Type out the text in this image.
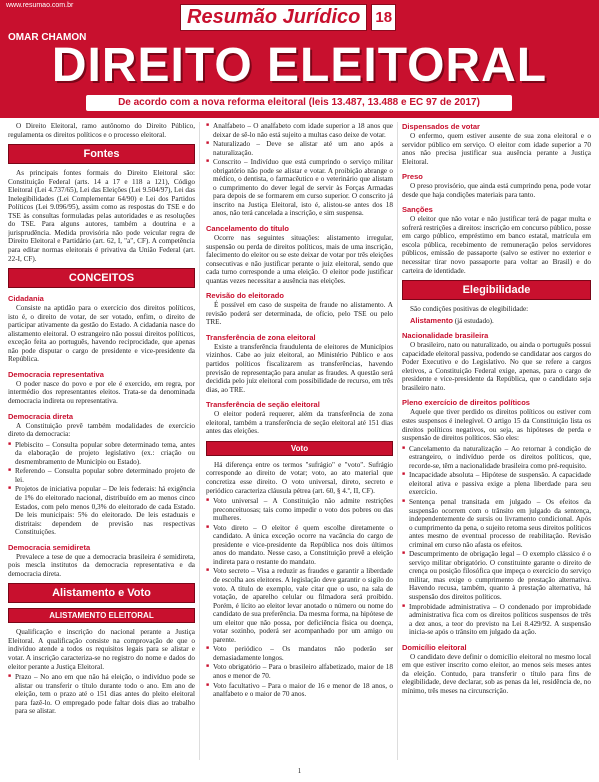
www.resumao.com.br	Resumão Jurídico	18
OMAR CHAMON
DIREITO ELEITORAL
De acordo com a nova reforma eleitoral (leis 13.487, 13.488 e EC 97 de 2017)

O Direito Eleitoral, ramo autônomo do Direito Público, regulamenta os direitos políticos e o processo eleitoral.

Fontes

As principais fontes formais do Direito Eleitoral são: Constituição Federal (arts. 14 a 17 e 118 a 121), Código Eleitoral (Lei 4.737/65), Lei das Eleições (Lei 9.504/97), Lei das Inelegibilidades (Lei Complementar 64/90) e Lei dos Partidos Políticos (Lei 9.096/95), assim como as respostas do TSE e do TSE às consultas formuladas pelas autoridades e as resoluções do TSE. Para alguns autores, também a doutrina e a jurisprudência. Medida provisória não pode veicular regra de Direito Eleitoral e Partidário (art. 62, I, "a", CF). A competência para editar normas eleitorais é privativa da União Federal (art. 22-I, CF).

CONCEITOS
Cidadania

Consiste na aptidão para o exercício dos direitos políticos, isto é, o direito de votar, de ser votado, enfim, o direito de participar ativamente da gestão do Estado. A cidadania nasce do alistamento eleitoral. O estrangeiro não possui direitos políticos, exceção feita ao português, havendo reciprocidade, que apenas não pode disputar o cargo de presidente e vice-presidente da República.

Democracia representativa

O poder nasce do povo e por ele é exercido, em regra, por intermédio dos representantes eleitos. Trata-se da denominada democracia indireta ou representativa.

Democracia direta

A Constituição prevê também modalidades de exercício direto da democracia:

■ Plebiscito – Consulta popular sobre determinado tema, antes da elaboração de projeto legislativo (ex.: criação ou desmembramento de Município ou Estado).
■ Referendo – Consulta popular sobre determinado projeto de lei.
■ Projetos de iniciativa popular – De leis federais: há exigência de 1% do eleitorado nacional, distribuído em ao menos cinco Estados, com pelo menos 0,3% do eleitorado de cada Estado. De leis municipais: 5% do eleitorado. De leis estaduais e distritais: dependem de previsão nas respectivas Constituições.
Democracia semidireta

Prevalece a tese de que a democracia brasileira é semidireta, pois mescla institutos da democracia representativa e da democracia direta.

Alistamento e Voto
ALISTAMENTO ELEITORAL

Qualificação e inscrição do nacional perante a Justiça Eleitoral. A qualificação consiste na comprovação de que o indivíduo atende a todos os requisitos legais para se alistar e votar. A inscrição caracteriza-se no registro do nome e dados do eleitor perante a Justiça Eleitoral.

■ Prazo – No ano em que não há eleição, o indivíduo pode se alistar ou transferir o título durante todo o ano. Em ano de eleição, tem o prazo até o 151 dias antes do pleito eleitoral para fazê-lo. O empregado pode faltar dois dias ao trabalho para se alistar.
■ Analfabeto – O analfabeto com idade superior a 18 anos que deixar de sê-lo não está sujeito a multas caso deixe de votar.
■ Naturalizado – Deve se alistar até um ano após a naturalização.
■ Conscrito – Indivíduo que está cumprindo o serviço militar obrigatório não pode se alistar e votar. A proibição abrange o médico, o dentista, o farmacêutico e o veterinário que alistam o cumprimento do dever legal de servir às Forças Armadas para depois de se formarem em curso superior. O conscrito já inscrito na Justiça Eleitoral, isto é, alistou-se antes dos 18 anos, não terá cancelada a inscrição, e sim suspensa.
Cancelamento do título

Ocorre nas seguintes situações: alistamento irregular, suspensão ou perda de direitos políticos, mais de uma inscrição, falecimento do eleitor ou se este deixar de votar por três eleições consecutivas e não justificar perante o juiz eleitoral, sendo que cada turno corresponde a uma eleição. O eleitor pode justificar quantas vezes necessitar a ausência nas eleições.

Revisão do eleitorado

É possível em caso de suspeita de fraude no alistamento. A revisão poderá ser determinada, de ofício, pelo TSE ou pelo TRE.

Transferência de zona eleitoral

Existe a transferência fraudulenta de eleitores de Municípios vizinhos. Cabe ao juiz eleitoral, ao Ministério Público e aos partidos políticos fiscalizarem as transferências, havendo previsão de representação para anular as fraudes. A questão será decidida pelo juiz eleitoral com possibilidade de recurso, em três dias, ao TRE.

Transferência de seção eleitoral

O eleitor poderá requerer, além da transferência de zona eleitoral, também a transferência de seção eleitoral até 151 dias antes das eleições.

Voto

Há diferença entre os termos "sufrágio" e "voto". Sufrágio corresponde ao direito de votar; voto, ao ato material que concretiza esse direito. O voto universal, direto, secreto e periódico caracteriza cláusula pétrea (art. 60, § 4.º, II, CF).

■ Voto universal – A Constituição não admite restrições preconceituosas; tais como impedir o voto dos pobres ou das mulheres.
■ Voto direto – O eleitor é quem escolhe diretamente o candidato. A única exceção ocorre na vacância do cargo de presidente e vice-presidente da República nos dois últimos anos do mandato. Nesse caso, a Constituição prevê a eleição indireta para o restante do mandato.
■ Voto secreto – Visa a reduzir as fraudes e garantir a liberdade de escolha aos eleitores. A legislação deve garantir o sigilo do voto. A título de exemplo, vale citar que o uso, na sala de votação, de aparelho celular ou filmadora será proibido. Porém, é lícito ao eleitor levar anotado o número ou nome do candidato de sua preferência. Da mesma forma, na hipótese de um eleitor que não possa, por deficiência física ou doença, votar sozinho, poderá ser acompanhado por um amigo ou parente.
■ Voto periódico – Os mandatos não poderão ser demasiadamente longos.
■ Voto obrigatório – Para o brasileiro alfabetizado, maior de 18 anos e menor de 70.
■ Voto facultativo – Para o maior de 16 e menor de 18 anos, o analfabeto e o maior de 70 anos.
Dispensados de votar

O enfermo, quem estiver ausente de sua zona eleitoral e o servidor público em serviço. O eleitor com idade superior a 70 anos não precisa justificar sua ausência perante a Justiça Eleitoral.

Preso

O preso provisório, que ainda está cumprindo pena, pode votar desde que haja condições materiais para tanto.

Sanções

O eleitor que não votar e não justificar terá de pagar multa e sofrerá restrições a direitos: inscrição em concurso público, posse em cargo público, empréstimo em banco estatal, matrícula em escola pública, recebimento de remuneração pelos servidores públicos, emissão de passaporte (salvo se estiver no exterior e necessitar tirar novo passaporte para voltar ao Brasil) e do carteira de identidade.

Elegibilidade

São condições positivas de elegibilidade:

Alistamento (já estudado).

Nacionalidade brasileira

O brasileiro, nato ou naturalizado, ou ainda o português possui capacidade eleitoral passiva, podendo se candidatar aos cargos do Poder Executivo e do Legislativo. No que se refere a cargos eletivos, a Constituição Federal exige, apenas, para o cargo de presidente e vice-presidente da República, que o candidato seja brasileiro nato.

Pleno exercício de direitos políticos

Aquele que tiver perdido os direitos políticos ou estiver com estes suspensos é inelegível. O artigo 15 da Constituição lista os direitos políticos negativos, ou seja, as hipóteses de perda e suspensão de direitos políticos. São eles:

■ Cancelamento da naturalização – Ao retornar à condição de estrangeiro, o indivíduo perde os direitos políticos, que, recorde-se, têm a nacionalidade brasileira como pré-requisito.
■ Incapacidade absoluta – Hipótese de suspensão. A capacidade eleitoral ativa e passiva exige a plena liberdade para seu exercício.
■ Sentença penal transitada em julgado – Os efeitos da suspensão ocorrem com o trânsito em julgado da sentença, independentemente de sursis ou livramento condicional. Após o cumprimento da pena, o sujeito retoma seus direitos políticos antes mesmo de eventual processo de reabilitação. Revisão criminal em curso não afasta os efeitos.
■ Descumprimento de obrigação legal – O exemplo clássico é o serviço militar obrigatório. O constituinte garante o direito de crença ou posição filosófica que impeça o exercício do serviço militar, mas exige o cumprimento de prestação alternativa. Havendo recusa, também, quanto à prestação alternativa, há suspensão dos direitos políticos.
■ Improbidade administrativa – O condenado por improbidade administrativa fica com os direitos políticos suspensos de três a dez anos, a teor do previsto na Lei 8.429/92. A suspensão inicia-se após o trânsito em julgado da ação.
Domicílio eleitoral

O candidato deve definir o domicílio eleitoral no mesmo local em que estiver inscrito como eleitor, ao menos seis meses antes da eleição. Contudo, para transferir o título para fins de elegibilidade, deve declarar, sob as penas da lei, residência de, no mínimo, três meses na circunscrição.

1
